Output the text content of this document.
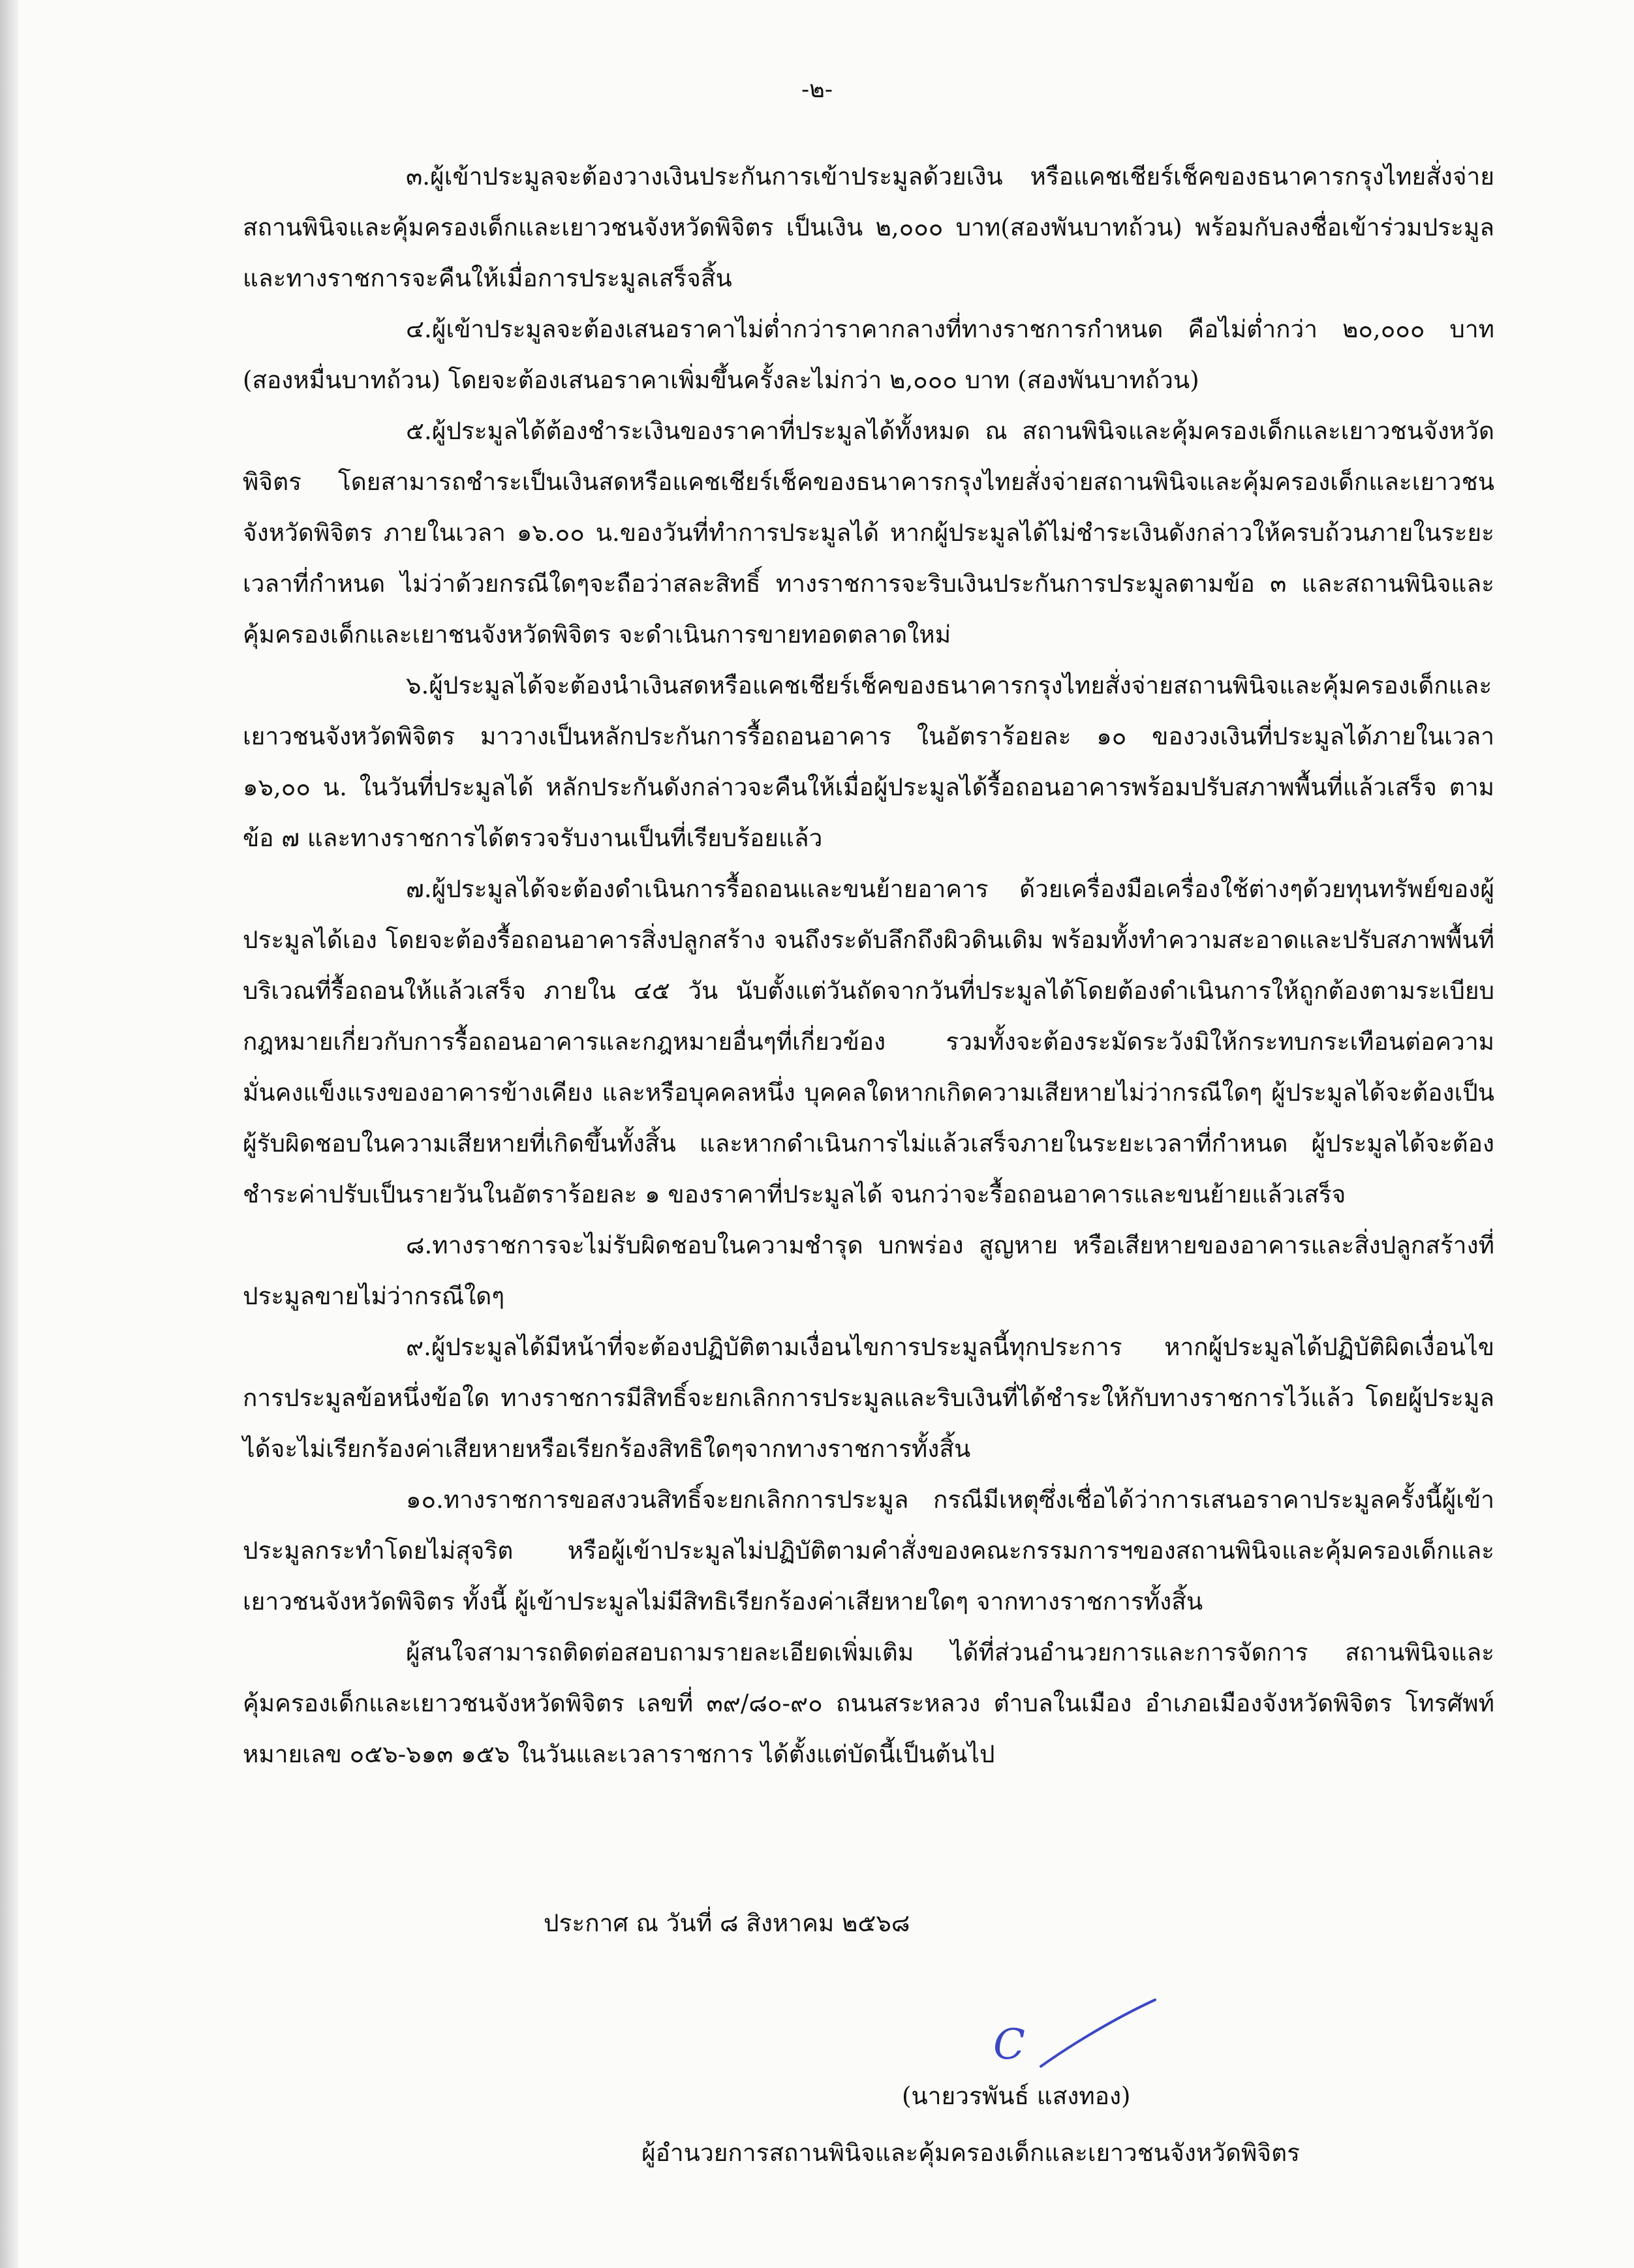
-๒-

๓.ผู้เข้าประมูลจะต้องวางเงินประกันการเข้าประมูลด้วยเงิน หรือแคชเชียร์เช็คของธนาคารกรุงไทยสั่งจ่ายสถานพินิจและคุ้มครองเด็กและเยาวชนจังหวัดพิจิตร เป็นเงิน ๒,๐๐๐ บาท(สองพันบาทถ้วน) พร้อมกับลงชื่อเข้าร่วมประมูล และทางราชการจะคืนให้เมื่อการประมูลเสร็จสิ้น

๔.ผู้เข้าประมูลจะต้องเสนอราคาไม่ต่ำกว่าราคากลางที่ทางราชการกำหนด คือไม่ต่ำกว่า ๒๐,๐๐๐ บาท (สองหมื่นบาทถ้วน) โดยจะต้องเสนอราคาเพิ่มขึ้นครั้งละไม่กว่า ๒,๐๐๐ บาท (สองพันบาทถ้วน)

๕.ผู้ประมูลได้ต้องชำระเงินของราคาที่ประมูลได้ทั้งหมด ณ สถานพินิจและคุ้มครองเด็กและเยาวชนจังหวัดพิจิตร โดยสามารถชำระเป็นเงินสดหรือแคชเชียร์เช็คของธนาคารกรุงไทยสั่งจ่ายสถานพินิจและคุ้มครองเด็กและเยาวชนจังหวัดพิจิตร ภายในเวลา ๑๖.๐๐ น.ของวันที่ทำการประมูลได้ หากผู้ประมูลได้ไม่ชำระเงินดังกล่าวให้ครบถ้วนภายในระยะเวลาที่กำหนด ไม่ว่าด้วยกรณีใดๆจะถือว่าสละสิทธิ์ ทางราชการจะริบเงินประกันการประมูลตามข้อ ๓ และสถานพินิจและคุ้มครองเด็กและเยาชนจังหวัดพิจิตร จะดำเนินการขายทอดตลาดใหม่

๖.ผู้ประมูลได้จะต้องนำเงินสดหรือแคชเชียร์เช็คของธนาคารกรุงไทยสั่งจ่ายสถานพินิจและคุ้มครองเด็กและเยาวชนจังหวัดพิจิตร มาวางเป็นหลักประกันการรื้อถอนอาคาร ในอัตราร้อยละ ๑๐ ของวงเงินที่ประมูลได้ภายในเวลา ๑๖,๐๐ น. ในวันที่ประมูลได้ หลักประกันดังกล่าวจะคืนให้เมื่อผู้ประมูลได้รื้อถอนอาคารพร้อมปรับสภาพพื้นที่แล้วเสร็จ ตามข้อ ๗ และทางราชการได้ตรวจรับงานเป็นที่เรียบร้อยแล้ว

๗.ผู้ประมูลได้จะต้องดำเนินการรื้อถอนและขนย้ายอาคาร ด้วยเครื่องมือเครื่องใช้ต่างๆด้วยทุนทรัพย์ของผู้ประมูลได้เอง โดยจะต้องรื้อถอนอาคารสิ่งปลูกสร้าง จนถึงระดับลึกถึงผิวดินเดิม พร้อมทั้งทำความสะอาดและปรับสภาพพื้นที่บริเวณที่รื้อถอนให้แล้วเสร็จ ภายใน ๔๕ วัน นับตั้งแต่วันถัดจากวันที่ประมูลได้โดยต้องดำเนินการให้ถูกต้องตามระเบียบกฎหมายเกี่ยวกับการรื้อถอนอาคารและกฎหมายอื่นๆที่เกี่ยวข้อง รวมทั้งจะต้องระมัดระวังมิให้กระทบกระเทือนต่อความมั่นคงแข็งแรงของอาคารข้างเคียง และหรือบุคคลหนึ่ง บุคคลใดหากเกิดความเสียหายไม่ว่ากรณีใดๆ ผู้ประมูลได้จะต้องเป็นผู้รับผิดชอบในความเสียหายที่เกิดขึ้นทั้งสิ้น และหากดำเนินการไม่แล้วเสร็จภายในระยะเวลาที่กำหนด ผู้ประมูลได้จะต้องชำระค่าปรับเป็นรายวันในอัตราร้อยละ ๑ ของราคาที่ประมูลได้ จนกว่าจะรื้อถอนอาคารและขนย้ายแล้วเสร็จ

๘.ทางราชการจะไม่รับผิดชอบในความชำรุด บกพร่อง สูญหาย หรือเสียหายของอาคารและสิ่งปลูกสร้างที่ประมูลขายไม่ว่ากรณีใดๆ

๙.ผู้ประมูลได้มีหน้าที่จะต้องปฏิบัติตามเงื่อนไขการประมูลนี้ทุกประการ หากผู้ประมูลได้ปฏิบัติผิดเงื่อนไขการประมูลข้อหนึ่งข้อใด ทางราชการมีสิทธิ์จะยกเลิกการประมูลและริบเงินที่ได้ชำระให้กับทางราชการไว้แล้ว โดยผู้ประมูลได้จะไม่เรียกร้องค่าเสียหายหรือเรียกร้องสิทธิใดๆจากทางราชการทั้งสิ้น

๑๐.ทางราชการขอสงวนสิทธิ์จะยกเลิกการประมูล กรณีมีเหตุซึ่งเชื่อได้ว่าการเสนอราคาประมูลครั้งนี้ผู้เข้าประมูลกระทำโดยไม่สุจริต หรือผู้เข้าประมูลไม่ปฏิบัติตามคำสั่งของคณะกรรมการฯของสถานพินิจและคุ้มครองเด็กและเยาวชนจังหวัดพิจิตร ทั้งนี้ ผู้เข้าประมูลไม่มีสิทธิเรียกร้องค่าเสียหายใดๆ จากทางราชการทั้งสิ้น

ผู้สนใจสามารถติดต่อสอบถามรายละเอียดเพิ่มเติม ได้ที่ส่วนอำนวยการและการจัดการ สถานพินิจและคุ้มครองเด็กและเยาวชนจังหวัดพิจิตร เลขที่ ๓๙/๘๐-๙๐ ถนนสระหลวง ตำบลในเมือง อำเภอเมืองจังหวัดพิจิตร โทรศัพท์หมายเลข ๐๕๖-๖๑๓ ๑๕๖ ในวันและเวลาราชการ ได้ตั้งแต่บัดนี้เป็นต้นไป

ประกาศ ณ วันที่ ๘ สิงหาคม ๒๕๖๘

C

(นายวรพันธ์ แสงทอง)

ผู้อำนวยการสถานพินิจและคุ้มครองเด็กและเยาวชนจังหวัดพิจิตร
